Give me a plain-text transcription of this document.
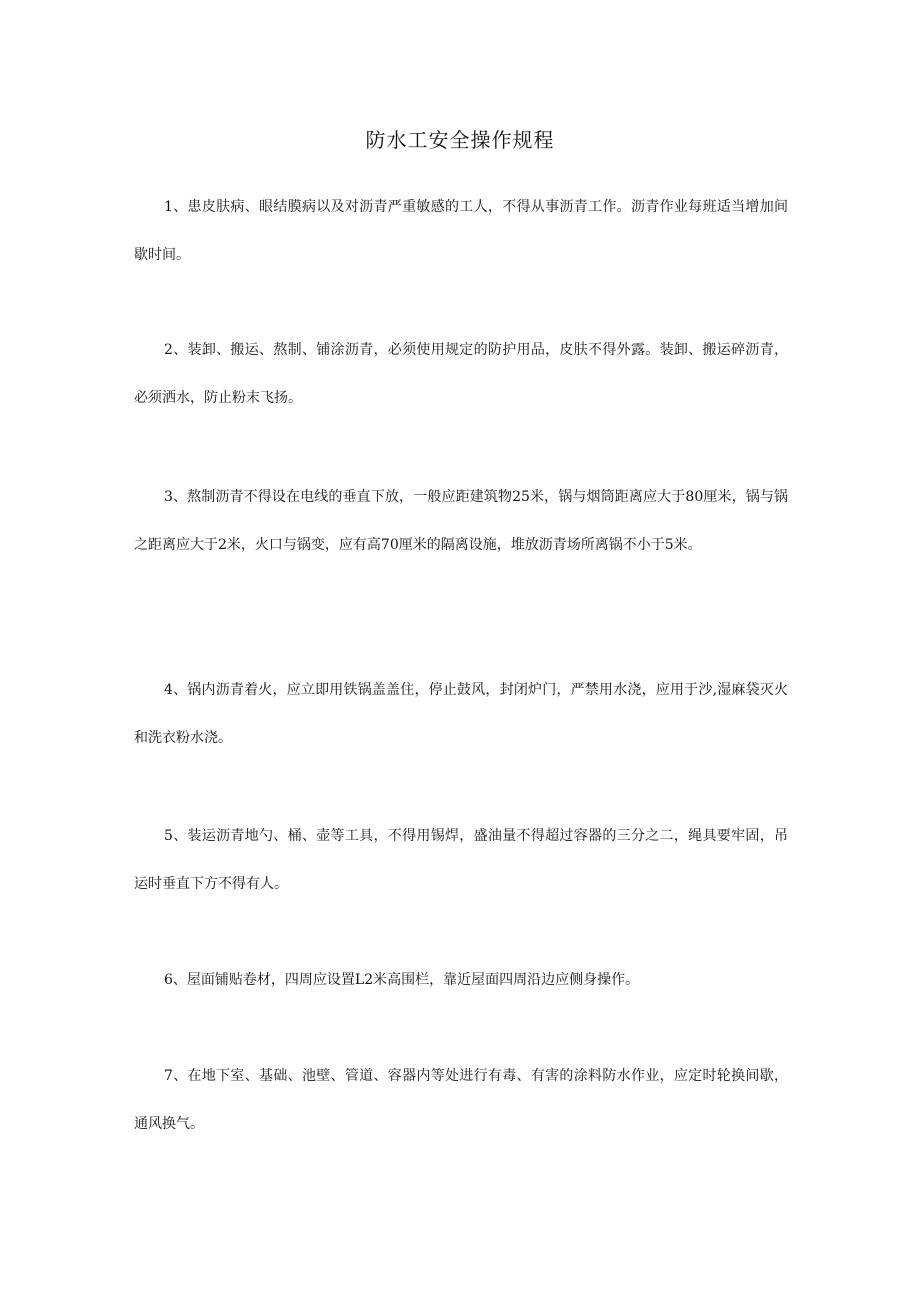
防水工安全操作规程
1、患皮肤病、眼结膜病以及对沥青严重敏感的工人，不得从事沥青工作。沥青作业每班适当增加间歇时间。
2、装卸、搬运、熬制、铺涂沥青，必须使用规定的防护用品，皮肤不得外露。装卸、搬运碎沥青，必须洒水，防止粉末飞扬。
3、熬制沥青不得设在电线的垂直下放，一般应距建筑物25米，锅与烟筒距离应大于80厘米，锅与锅之距离应大于2米，火口与锅变，应有高70厘米的隔离设施，堆放沥青场所离锅不小于5米。
4、锅内沥青着火，应立即用铁锅盖盖住，停止鼓风，封闭炉门，严禁用水浇，应用于沙,湿麻袋灭火和洗衣粉水浇。
5、装运沥青地勺、桶、壶等工具，不得用锡焊，盛油量不得超过容器的三分之二，绳具要牢固，吊运时垂直下方不得有人。
6、屋面铺贴卷材，四周应设置L2米高围栏，靠近屋面四周沿边应侧身操作。
7、在地下室、基础、池壁、管道、容器内等处进行有毒、有害的涂料防水作业，应定时轮换间歇，通风换气。
